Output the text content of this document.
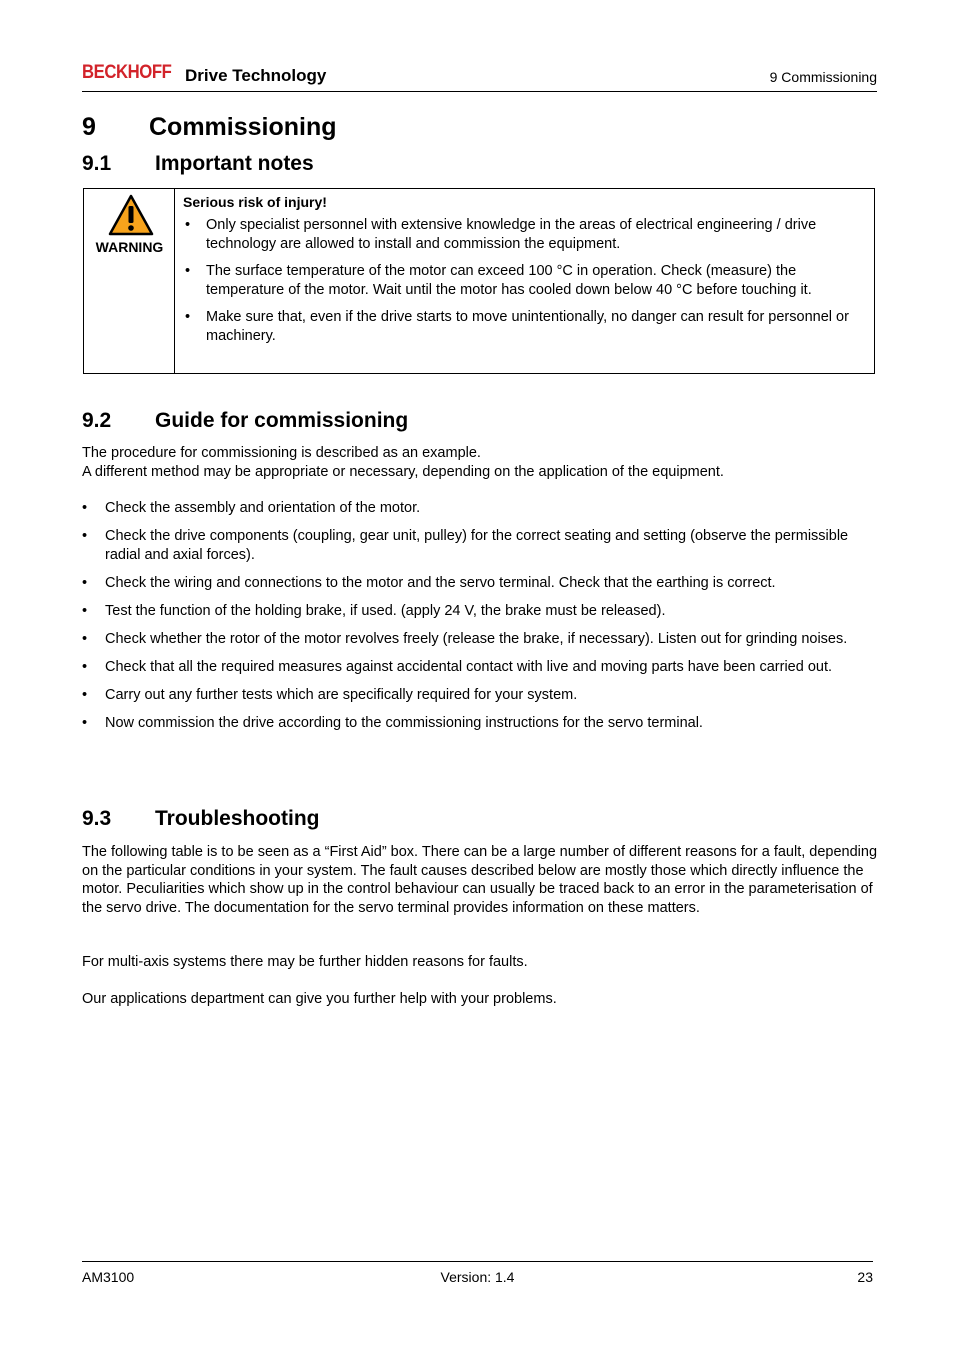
BECKHOFF Drive Technology	9 Commissioning
9 Commissioning
9.1 Important notes
WARNING
Serious risk of injury!
• Only specialist personnel with extensive knowledge in the areas of electrical engineering / drive technology are allowed to install and commission the equipment.
• The surface temperature of the motor can exceed 100 °C in operation. Check (measure) the temperature of the motor. Wait until the motor has cooled down below 40 °C before touching it.
• Make sure that, even if the drive starts to move unintentionally, no danger can result for personnel or machinery.
9.2 Guide for commissioning
The procedure for commissioning is described as an example.
A different method may be appropriate or necessary, depending on the application of the equipment.
• Check the assembly and orientation of the motor.
• Check the drive components (coupling, gear unit, pulley) for the correct seating and setting (observe the permissible radial and axial forces).
• Check the wiring and connections to the motor and the servo terminal. Check that the earthing is correct.
• Test the function of the holding brake, if used. (apply 24 V, the brake must be released).
• Check whether the rotor of the motor revolves freely (release the brake, if necessary). Listen out for grinding noises.
• Check that all the required measures against accidental contact with live and moving parts have been carried out.
• Carry out any further tests which are specifically required for your system.
• Now commission the drive according to the commissioning instructions for the servo terminal.
9.3 Troubleshooting
The following table is to be seen as a “First Aid” box. There can be a large number of different reasons for a fault, depending on the particular conditions in your system. The fault causes described below are mostly those which directly influence the motor. Peculiarities which show up in the control behaviour can usually be traced back to an error in the parameterisation of the servo drive. The documentation for the servo terminal provides information on these matters.
For multi-axis systems there may be further hidden reasons for faults.
Our applications department can give you further help with your problems.
AM3100	Version: 1.4	23
